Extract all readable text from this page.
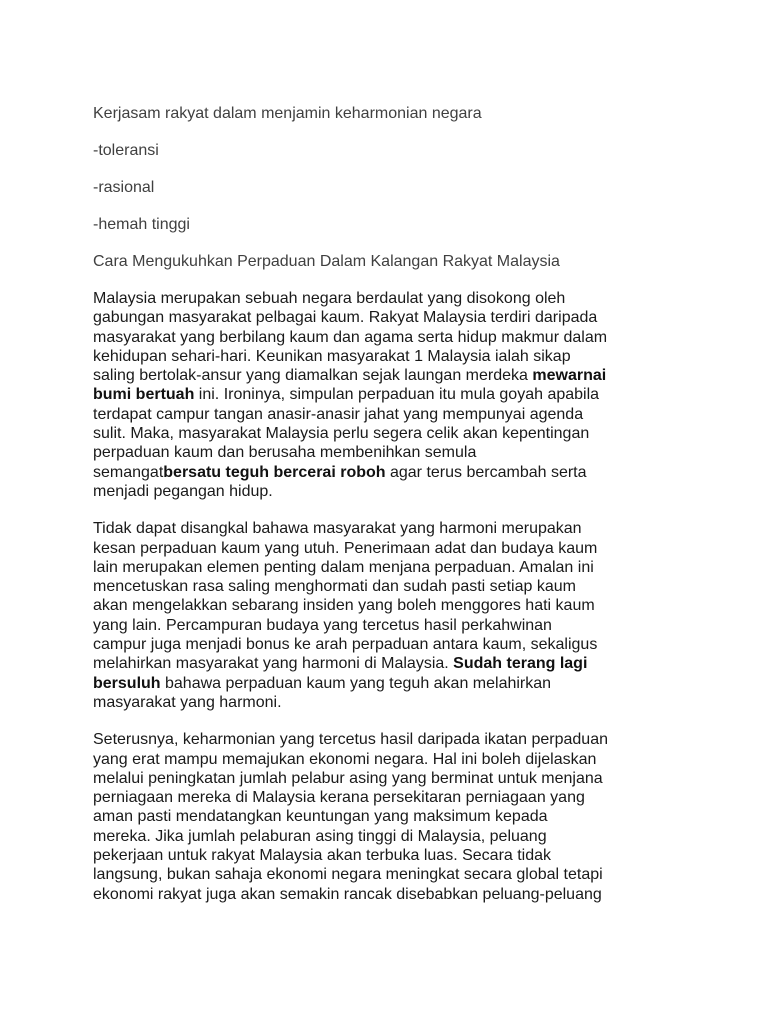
Kerjasam rakyat dalam menjamin keharmonian negara
-toleransi
-rasional
-hemah tinggi
Cara Mengukuhkan Perpaduan Dalam Kalangan Rakyat Malaysia
Malaysia merupakan sebuah negara berdaulat yang disokong oleh
gabungan masyarakat pelbagai kaum. Rakyat Malaysia terdiri daripada
masyarakat yang berbilang kaum dan agama serta hidup makmur dalam
kehidupan sehari-hari. Keunikan masyarakat 1 Malaysia ialah sikap
saling bertolak-ansur yang diamalkan sejak laungan merdeka mewarnai
bumi bertuah ini. Ironinya, simpulan perpaduan itu mula goyah apabila
terdapat campur tangan anasir-anasir jahat yang mempunyai agenda
sulit. Maka, masyarakat Malaysia perlu segera celik akan kepentingan
perpaduan kaum dan berusaha membenihkan semula
semangatbersatu teguh bercerai roboh agar terus bercambah serta
menjadi pegangan hidup.
Tidak dapat disangkal bahawa masyarakat yang harmoni merupakan
kesan perpaduan kaum yang utuh. Penerimaan adat dan budaya kaum
lain merupakan elemen penting dalam menjana perpaduan. Amalan ini
mencetuskan rasa saling menghormati dan sudah pasti setiap kaum
akan mengelakkan sebarang insiden yang boleh menggores hati kaum
yang lain. Percampuran budaya yang tercetus hasil perkahwinan
campur juga menjadi bonus ke arah perpaduan antara kaum, sekaligus
melahirkan masyarakat yang harmoni di Malaysia. Sudah terang lagi
bersuluh bahawa perpaduan kaum yang teguh akan melahirkan
masyarakat yang harmoni.
Seterusnya, keharmonian yang tercetus hasil daripada ikatan perpaduan
yang erat mampu memajukan ekonomi negara. Hal ini boleh dijelaskan
melalui peningkatan jumlah pelabur asing yang berminat untuk menjana
perniagaan mereka di Malaysia kerana persekitaran perniagaan yang
aman pasti mendatangkan keuntungan yang maksimum kepada
mereka. Jika jumlah pelaburan asing tinggi di Malaysia, peluang
pekerjaan untuk rakyat Malaysia akan terbuka luas. Secara tidak
langsung, bukan sahaja ekonomi negara meningkat secara global tetapi
ekonomi rakyat juga akan semakin rancak disebabkan peluang-peluang
